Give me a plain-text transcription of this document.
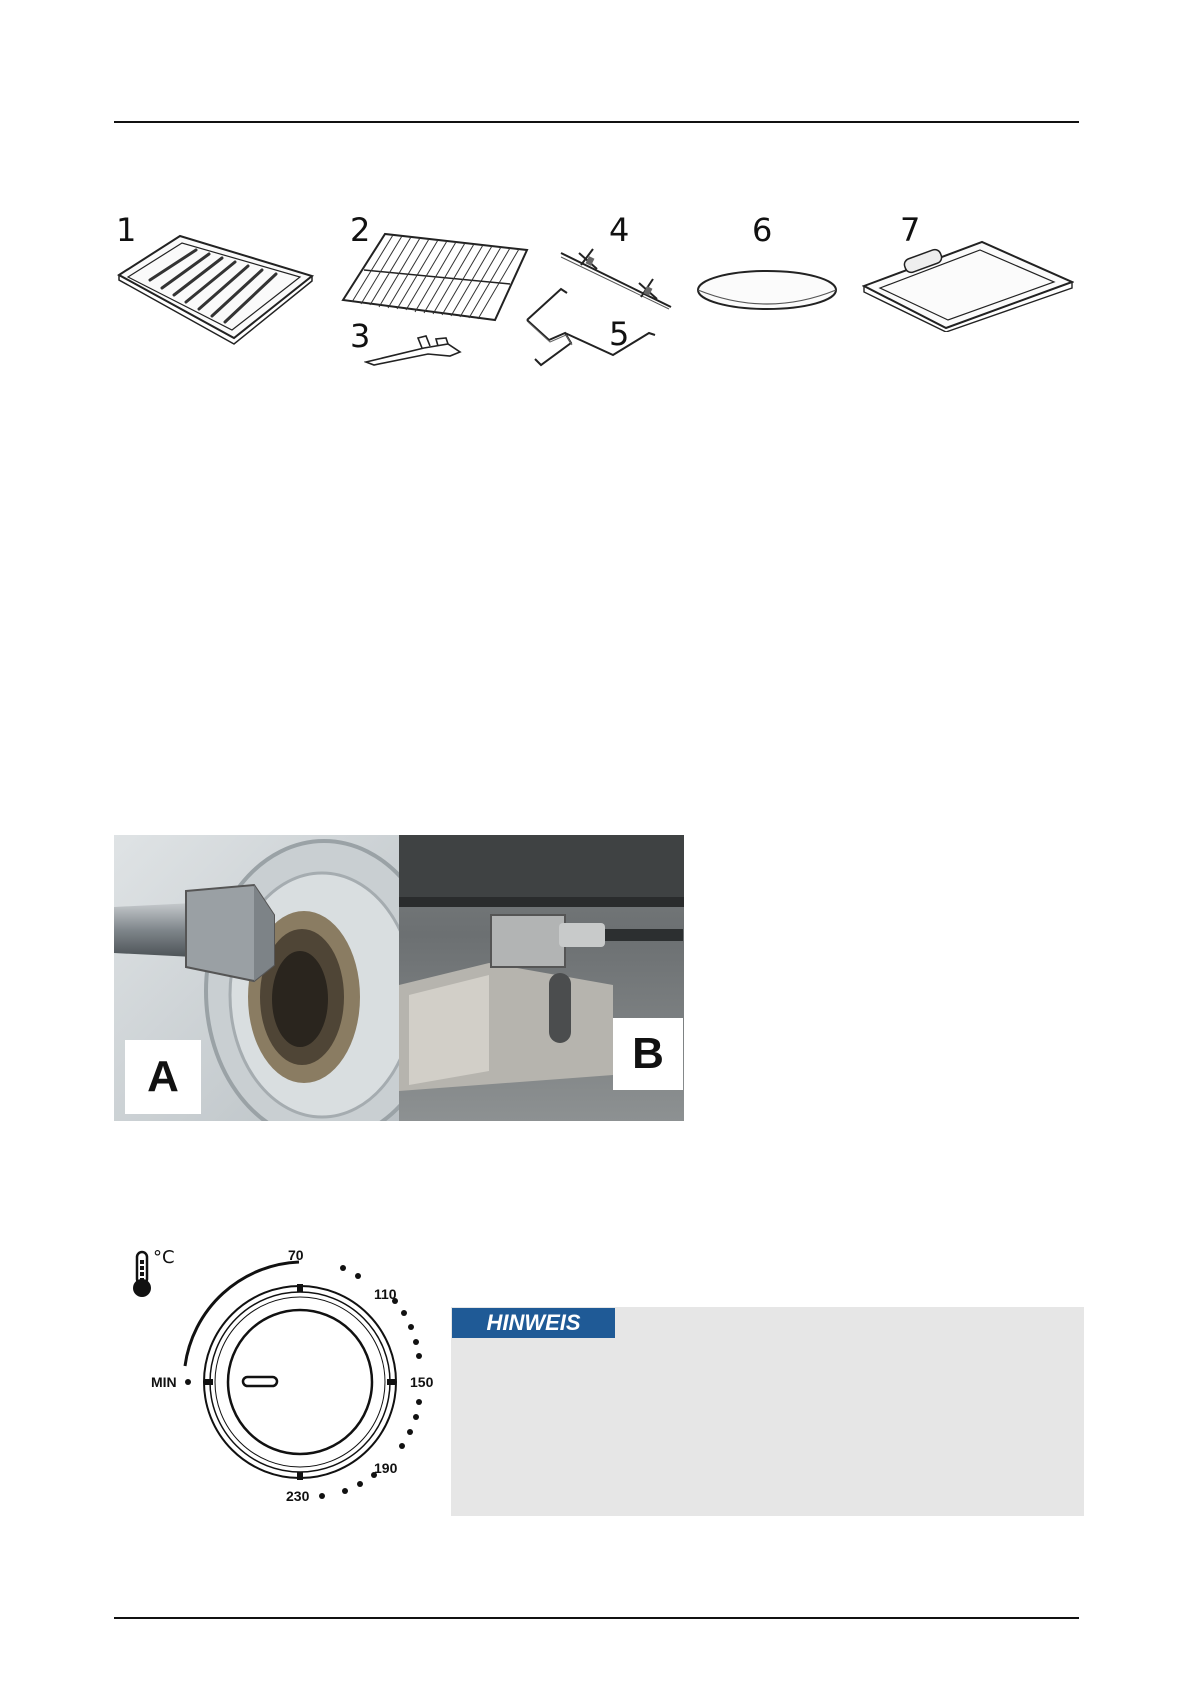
1	2
3
4
5
6	7
A	B
°C
MIN
70
110
150
190
230
HINWEIS
